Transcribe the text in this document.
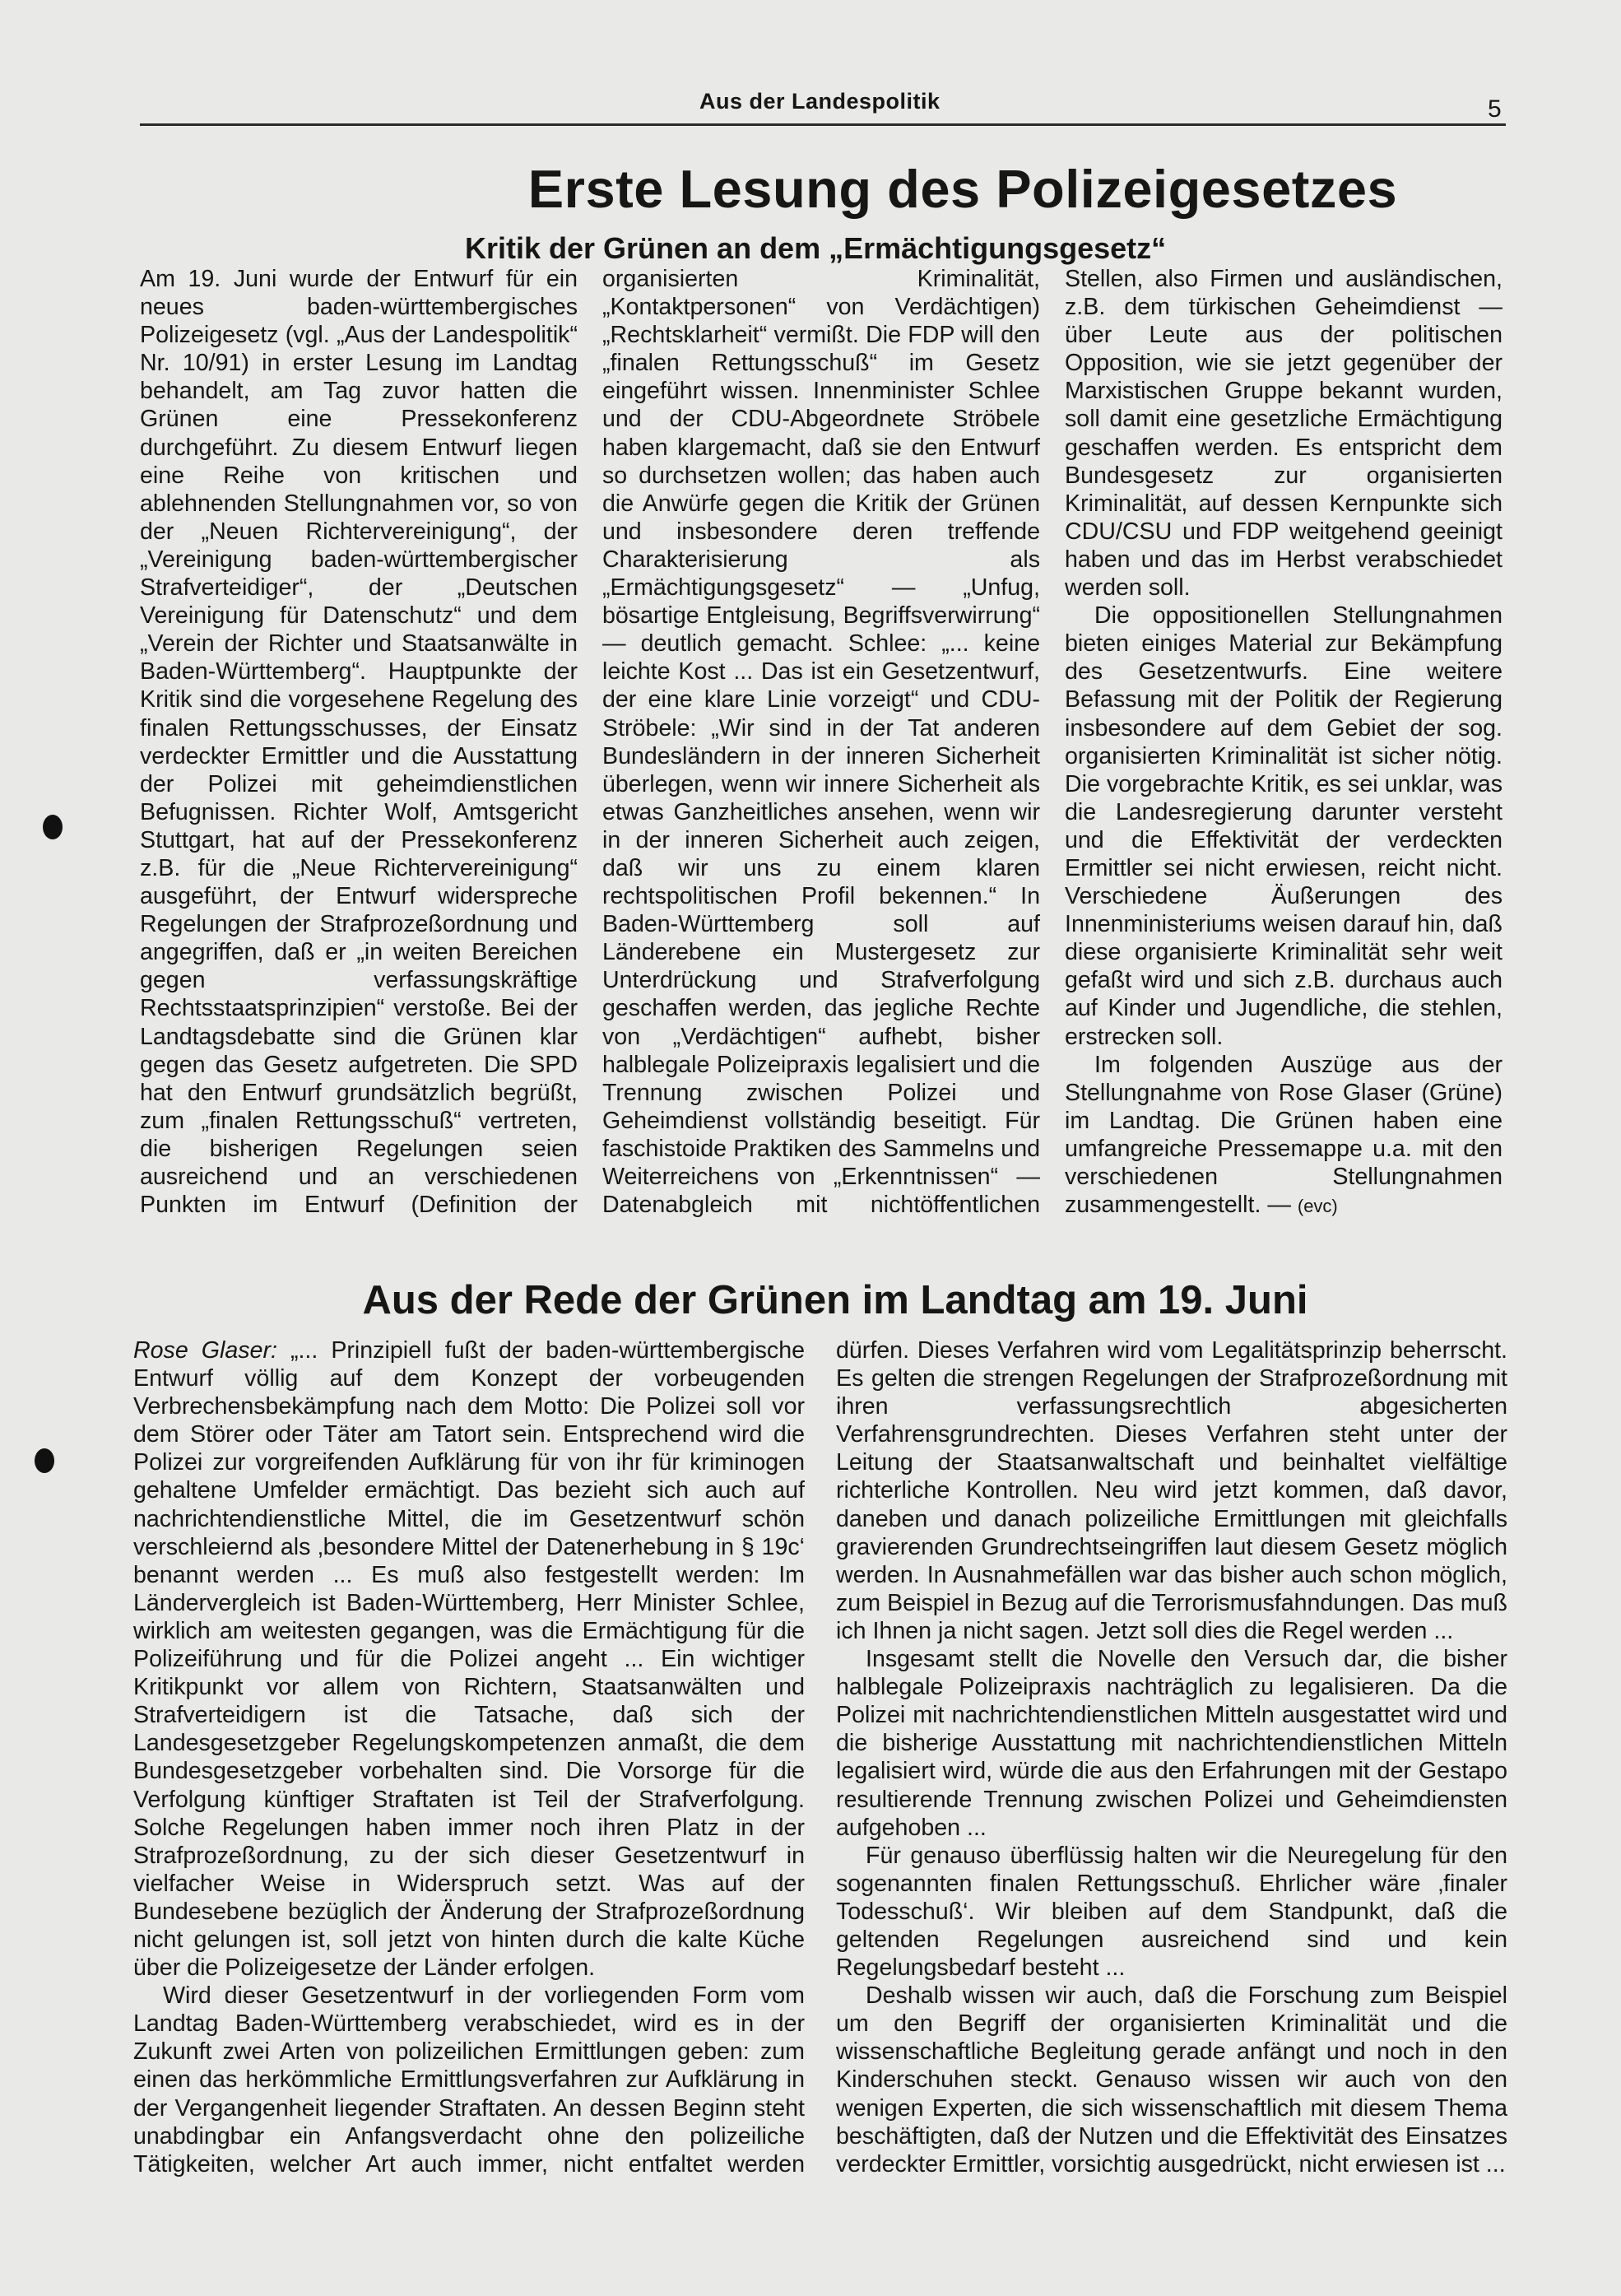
Aus der Landespolitik	5
Erste Lesung des Polizeigesetzes
Kritik der Grünen an dem „Ermächtigungsgesetz“

Am 19. Juni wurde der Entwurf für ein neues baden-württembergisches Polizeigesetz (vgl. „Aus der Landespolitik“ Nr. 10/91) in erster Lesung im Landtag behandelt, am Tag zuvor hatten die Grünen eine Pressekonferenz durchgeführt. Zu diesem Entwurf liegen eine Reihe von kritischen und ablehnenden Stellungnahmen vor, so von der „Neuen Richtervereinigung“, der „Vereinigung baden-württembergischer Strafverteidiger“, der „Deutschen Vereinigung für Datenschutz“ und dem „Verein der Richter und Staatsanwälte in Baden-Württemberg“. Hauptpunkte der Kritik sind die vorgesehene Regelung des finalen Rettungsschusses, der Einsatz verdeckter Ermittler und die Ausstattung der Polizei mit geheimdienstlichen Befugnissen. Richter Wolf, Amtsgericht Stuttgart, hat auf der Pressekonferenz z.B. für die „Neue Richtervereinigung“ ausgeführt, der Entwurf widerspreche Regelungen der Strafprozeßordnung und angegriffen, daß er „in weiten Bereichen gegen verfassungskräftige Rechtsstaatsprinzipien“ verstoße. Bei der Landtagsdebatte sind die Grünen klar gegen das Gesetz aufgetreten. Die SPD hat den Entwurf grundsätzlich begrüßt, zum „finalen Rettungsschuß“ vertreten, die bisherigen Regelungen seien ausreichend und an verschiedenen Punkten im Entwurf (Definition der organisierten Kriminalität, „Kontaktpersonen“ von Verdächtigen) „Rechtsklarheit“ vermißt. Die FDP will den „finalen Rettungsschuß“ im Gesetz eingeführt wissen. Innenminister Schlee und der CDU-Abgeordnete Ströbele haben klargemacht, daß sie den Entwurf so durchsetzen wollen; das haben auch die Anwürfe gegen die Kritik der Grünen und insbesondere deren treffende Charakterisierung als „Ermächtigungsgesetz“ — „Unfug, bösartige Entgleisung, Begriffsverwirrung“ — deutlich gemacht. Schlee: „... keine leichte Kost ... Das ist ein Gesetzentwurf, der eine klare Linie vorzeigt“ und CDU-Ströbele: „Wir sind in der Tat anderen Bundesländern in der inneren Sicherheit überlegen, wenn wir innere Sicherheit als etwas Ganzheitliches ansehen, wenn wir in der inneren Sicherheit auch zeigen, daß wir uns zu einem klaren rechtspolitischen Profil bekennen.“ In Baden-Württemberg soll auf Länderebene ein Mustergesetz zur Unterdrückung und Strafverfolgung geschaffen werden, das jegliche Rechte von „Verdächtigen“ aufhebt, bisher halblegale Polizeipraxis legalisiert und die Trennung zwischen Polizei und Geheimdienst vollständig beseitigt. Für faschistoide Praktiken des Sammelns und Weiterreichens von „Erkenntnissen“ — Datenabgleich mit nichtöffentlichen Stellen, also Firmen und ausländischen, z.B. dem türkischen Geheimdienst — über Leute aus der politischen Opposition, wie sie jetzt gegenüber der Marxistischen Gruppe bekannt wurden, soll damit eine gesetzliche Ermächtigung geschaffen werden. Es entspricht dem Bundesgesetz zur organisierten Kriminalität, auf dessen Kernpunkte sich CDU/CSU und FDP weitgehend geeinigt haben und das im Herbst verabschiedet werden soll.

Die oppositionellen Stellungnahmen bieten einiges Material zur Bekämpfung des Gesetzentwurfs. Eine weitere Befassung mit der Politik der Regierung insbesondere auf dem Gebiet der sog. organisierten Kriminalität ist sicher nötig. Die vorgebrachte Kritik, es sei unklar, was die Landesregierung darunter versteht und die Effektivität der verdeckten Ermittler sei nicht erwiesen, reicht nicht. Verschiedene Äußerungen des Innenministeriums weisen darauf hin, daß diese organisierte Kriminalität sehr weit gefaßt wird und sich z.B. durchaus auch auf Kinder und Jugendliche, die stehlen, erstrecken soll.

Im folgenden Auszüge aus der Stellungnahme von Rose Glaser (Grüne) im Landtag. Die Grünen haben eine umfangreiche Pressemappe u.a. mit den verschiedenen Stellungnahmen zusammengestellt. — (evc)

Aus der Rede der Grünen im Landtag am 19. Juni

Rose Glaser: „... Prinzipiell fußt der baden-württembergische Entwurf völlig auf dem Konzept der vorbeugenden Verbrechensbekämpfung nach dem Motto: Die Polizei soll vor dem Störer oder Täter am Tatort sein. Entsprechend wird die Polizei zur vorgreifenden Aufklärung für von ihr für kriminogen gehaltene Umfelder ermächtigt. Das bezieht sich auch auf nachrichtendienstliche Mittel, die im Gesetzentwurf schön verschleiernd als ‚besondere Mittel der Datenerhebung in § 19c‘ benannt werden ... Es muß also festgestellt werden: Im Ländervergleich ist Baden-Württemberg, Herr Minister Schlee, wirklich am weitesten gegangen, was die Ermächtigung für die Polizeiführung und für die Polizei angeht ... Ein wichtiger Kritikpunkt vor allem von Richtern, Staatsanwälten und Strafverteidigern ist die Tatsache, daß sich der Landesgesetzgeber Regelungskompetenzen anmaßt, die dem Bundesgesetzgeber vorbehalten sind. Die Vorsorge für die Verfolgung künftiger Straftaten ist Teil der Strafverfolgung. Solche Regelungen haben immer noch ihren Platz in der Strafprozeßordnung, zu der sich dieser Gesetzentwurf in vielfacher Weise in Widerspruch setzt. Was auf der Bundesebene bezüglich der Änderung der Strafprozeßordnung nicht gelungen ist, soll jetzt von hinten durch die kalte Küche über die Polizeigesetze der Länder erfolgen.

Wird dieser Gesetzentwurf in der vorliegenden Form vom Landtag Baden-Württemberg verabschiedet, wird es in der Zukunft zwei Arten von polizeilichen Ermittlungen geben: zum einen das herkömmliche Ermittlungsverfahren zur Aufklärung in der Vergangenheit liegender Straftaten. An dessen Beginn steht unabdingbar ein Anfangsverdacht ohne den polizeiliche Tätigkeiten, welcher Art auch immer, nicht entfaltet werden dürfen. Dieses Verfahren wird vom Legalitätsprinzip beherrscht. Es gelten die strengen Regelungen der Strafprozeßordnung mit ihren verfassungsrechtlich abgesicherten Verfahrensgrundrechten. Dieses Verfahren steht unter der Leitung der Staatsanwaltschaft und beinhaltet vielfältige richterliche Kontrollen. Neu wird jetzt kommen, daß davor, daneben und danach polizeiliche Ermittlungen mit gleichfalls gravierenden Grundrechtseingriffen laut diesem Gesetz möglich werden. In Ausnahmefällen war das bisher auch schon möglich, zum Beispiel in Bezug auf die Terrorismusfahndungen. Das muß ich Ihnen ja nicht sagen. Jetzt soll dies die Regel werden ...

Insgesamt stellt die Novelle den Versuch dar, die bisher halblegale Polizeipraxis nachträglich zu legalisieren. Da die Polizei mit nachrichtendienstlichen Mitteln ausgestattet wird und die bisherige Ausstattung mit nachrichtendienstlichen Mitteln legalisiert wird, würde die aus den Erfahrungen mit der Gestapo resultierende Trennung zwischen Polizei und Geheimdiensten aufgehoben ...

Für genauso überflüssig halten wir die Neuregelung für den sogenannten finalen Rettungsschuß. Ehrlicher wäre ‚finaler Todesschuß‘. Wir bleiben auf dem Standpunkt, daß die geltenden Regelungen ausreichend sind und kein Regelungsbedarf besteht ...

Deshalb wissen wir auch, daß die Forschung zum Beispiel um den Begriff der organisierten Kriminalität und die wissenschaftliche Begleitung gerade anfängt und noch in den Kinderschuhen steckt. Genauso wissen wir auch von den wenigen Experten, die sich wissenschaftlich mit diesem Thema beschäftigten, daß der Nutzen und die Effektivität des Einsatzes verdeckter Ermittler, vorsichtig ausgedrückt, nicht erwiesen ist ...
